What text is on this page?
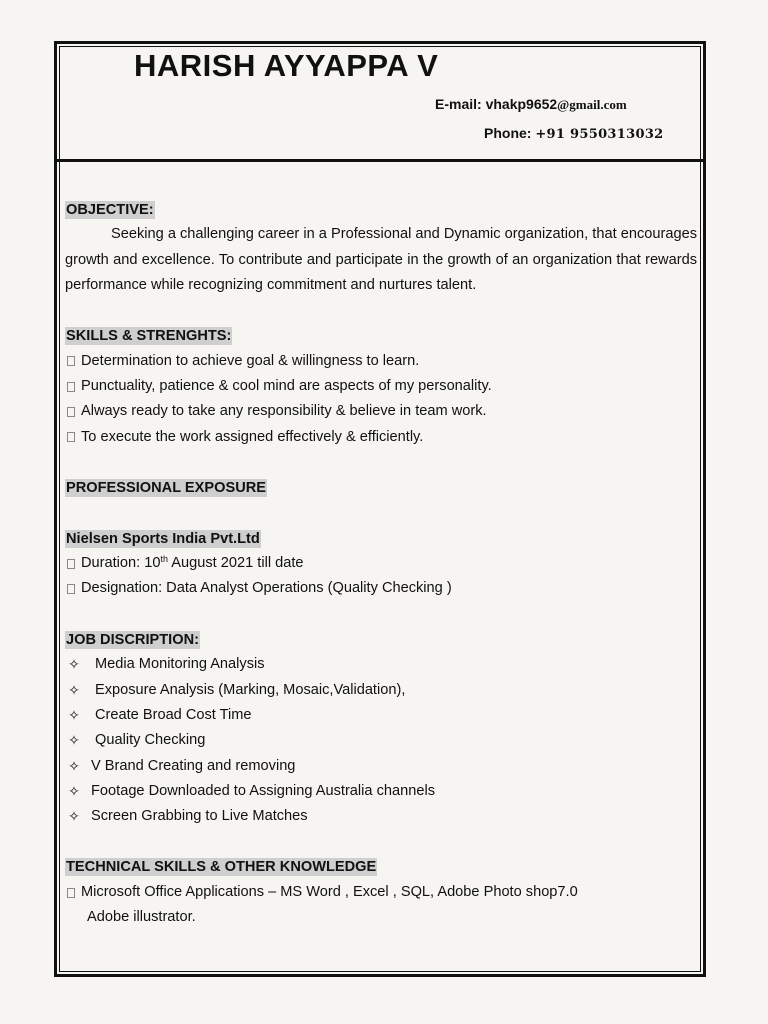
HARISH AYYAPPA V
E-mail: vhakp9652@gmail.com
Phone: +91 9550313032
OBJECTIVE:

Seeking a challenging career in a Professional and Dynamic organization, that encourages growth and excellence. To contribute and participate in the growth of an organization that rewards performance while recognizing commitment and nurtures talent.

SKILLS & STRENGHTS:
Determination to achieve goal & willingness to learn.
Punctuality, patience & cool mind are aspects of my personality.
Always ready to take any responsibility & believe in team work.
To execute the work assigned effectively & efficiently.
PROFESSIONAL EXPOSURE
Nielsen Sports India Pvt.Ltd
Duration: 10th August 2021 till date
Designation: Data Analyst Operations (Quality Checking )
JOB DISCRIPTION:
✧ Media Monitoring Analysis
✧ Exposure Analysis (Marking, Mosaic,Validation),
✧ Create Broad Cost Time
✧ Quality Checking
✧ V Brand Creating and removing
✧ Footage Downloaded to Assigning Australia channels
✧ Screen Grabbing to Live Matches
TECHNICAL SKILLS & OTHER KNOWLEDGE
Microsoft Office Applications – MS Word , Excel , SQL, Adobe Photo shop7.0
Adobe illustrator.
